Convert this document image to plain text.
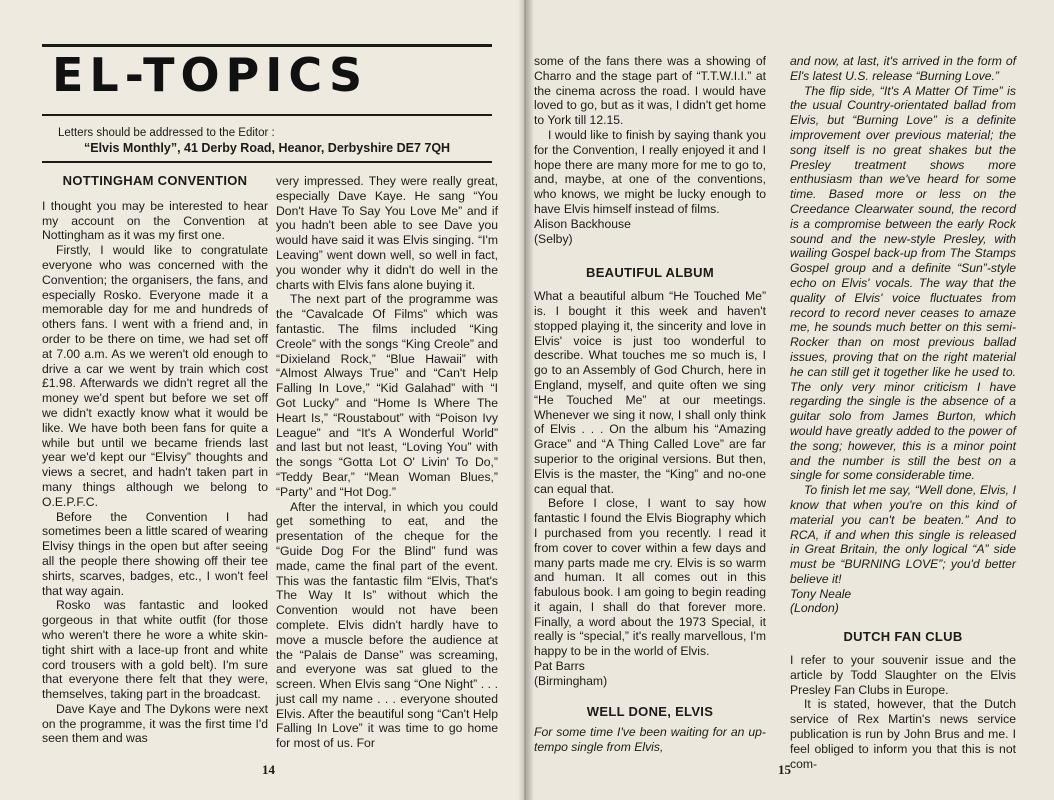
EL-TOPICS
Letters should be addressed to the Editor :
“Elvis Monthly”, 41 Derby Road, Heanor, Derbyshire DE7 7QH
NOTTINGHAM CONVENTION

I thought you may be interested to hear my account on the Convention at Nottingham as it was my first one.

Firstly, I would like to congratulate everyone who was concerned with the Convention; the organisers, the fans, and especially Rosko. Everyone made it a memorable day for me and hundreds of others fans. I went with a friend and, in order to be there on time, we had set off at 7.00 a.m. As we weren't old enough to drive a car we went by train which cost £1.98. Afterwards we didn't regret all the money we'd spent but before we set off we didn't exactly know what it would be like. We have both been fans for quite a while but until we became friends last year we'd kept our “Elvisy” thoughts and views a secret, and hadn't taken part in many things although we belong to O.E.P.F.C.

Before the Convention I had sometimes been a little scared of wearing Elvisy things in the open but after seeing all the people there showing off their tee shirts, scarves, badges, etc., I won't feel that way again.

Rosko was fantastic and looked gorgeous in that white outfit (for those who weren't there he wore a white skin-tight shirt with a lace-up front and white cord trousers with a gold belt). I'm sure that everyone there felt that they were, themselves, taking part in the broadcast.

Dave Kaye and The Dykons were next on the programme, it was the first time I'd seen them and was

very impressed. They were really great, especially Dave Kaye. He sang “You Don't Have To Say You Love Me” and if you hadn't been able to see Dave you would have said it was Elvis singing. “I'm Leaving” went down well, so well in fact, you wonder why it didn't do well in the charts with Elvis fans alone buying it.

The next part of the programme was the “Cavalcade Of Films” which was fantastic. The films included “King Creole” with the songs “King Creole” and “Dixieland Rock,” “Blue Hawaii” with “Almost Always True” and “Can't Help Falling In Love,” “Kid Galahad” with “I Got Lucky” and “Home Is Where The Heart Is,” “Roustabout” with “Poison Ivy League” and “It's A Wonderful World” and last but not least, “Loving You” with the songs “Gotta Lot O' Livin' To Do,” “Teddy Bear,” “Mean Woman Blues,” “Party” and “Hot Dog.”

After the interval, in which you could get something to eat, and the presentation of the cheque for the “Guide Dog For the Blind” fund was made, came the final part of the event. This was the fantastic film “Elvis, That's The Way It Is” without which the Convention would not have been complete. Elvis didn't hardly have to move a muscle before the audience at the “Palais de Danse” was screaming, and everyone was sat glued to the screen. When Elvis sang “One Night” . . . just call my name . . . everyone shouted Elvis. After the beautiful song “Can't Help Falling In Love” it was time to go home for most of us. For

14

some of the fans there was a showing of Charro and the stage part of “T.T.W.I.I.” at the cinema across the road. I would have loved to go, but as it was, I didn't get home to York till 12.15.

I would like to finish by saying thank you for the Convention, I really enjoyed it and I hope there are many more for me to go to, and, maybe, at one of the conventions, who knows, we might be lucky enough to have Elvis himself instead of films.

Alison Backhouse
(Selby)
BEAUTIFUL ALBUM

What a beautiful album “He Touched Me” is. I bought it this week and haven't stopped playing it, the sincerity and love in Elvis' voice is just too wonderful to describe. What touches me so much is, I go to an Assembly of God Church, here in England, myself, and quite often we sing “He Touched Me” at our meetings. Whenever we sing it now, I shall only think of Elvis . . . On the album his “Amazing Grace” and “A Thing Called Love” are far superior to the original versions. But then, Elvis is the master, the “King” and no-one can equal that.

Before I close, I want to say how fantastic I found the Elvis Biography which I purchased from you recently. I read it from cover to cover within a few days and many parts made me cry. Elvis is so warm and human. It all comes out in this fabulous book. I am going to begin reading it again, I shall do that forever more. Finally, a word about the 1973 Special, it really is “special,” it's really marvellous, I'm happy to be in the world of Elvis.

Pat Barrs
(Birmingham)
WELL DONE, ELVIS

For some time I've been waiting for an up-tempo single from Elvis,

and now, at last, it's arrived in the form of El's latest U.S. release “Burning Love.”

The flip side, “It's A Matter Of Time” is the usual Country-orientated ballad from Elvis, but “Burning Love” is a definite improvement over previous material; the song itself is no great shakes but the Presley treatment shows more enthusiasm than we've heard for some time. Based more or less on the Creedance Clearwater sound, the record is a compromise between the early Rock sound and the new-style Presley, with wailing Gospel back-up from The Stamps Gospel group and a definite “Sun”-style echo on Elvis' vocals. The way that the quality of Elvis' voice fluctuates from record to record never ceases to amaze me, he sounds much better on this semi-Rocker than on most previous ballad issues, proving that on the right material he can still get it together like he used to. The only very minor criticism I have regarding the single is the absence of a guitar solo from James Burton, which would have greatly added to the power of the song; however, this is a minor point and the number is still the best on a single for some considerable time.

To finish let me say, “Well done, Elvis, I know that when you're on this kind of material you can't be beaten.” And to RCA, if and when this single is released in Great Britain, the only logical “A” side must be “BURNING LOVE”; you'd better believe it!

Tony Neale

(London)

DUTCH FAN CLUB

I refer to your souvenir issue and the article by Todd Slaughter on the Elvis Presley Fan Clubs in Europe.

It is stated, however, that the Dutch service of Rex Martin's news service publication is run by John Brus and me. I feel obliged to inform you that this is not com-

15
